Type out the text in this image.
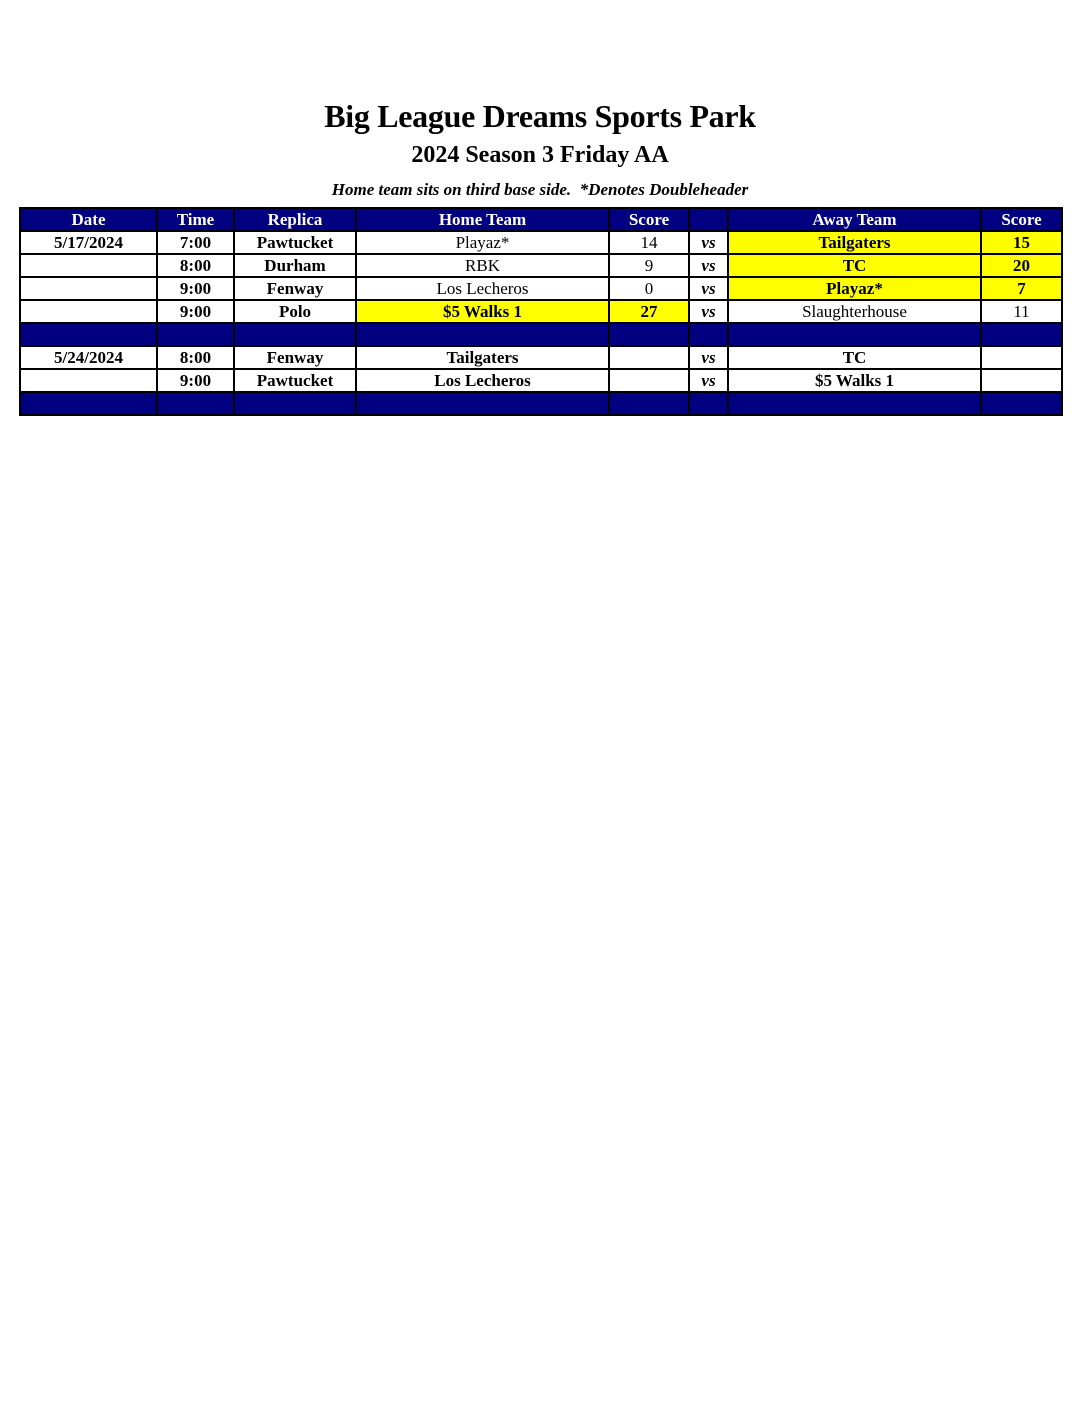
Big League Dreams Sports Park
2024 Season 3 Friday AA
Home team sits on third base side.  *Denotes Doubleheader
Date	Time	Replica	Home Team	Score		Away Team	Score
5/17/2024	7:00	Pawtucket	Playaz*	14	vs	Tailgaters	15
	8:00	Durham	RBK	9	vs	TC	20
	9:00	Fenway	Los Lecheros	0	vs	Playaz*	7
	9:00	Polo	$5 Walks 1	27	vs	Slaughterhouse	11

5/24/2024	8:00	Fenway	Tailgaters		vs	TC	
	9:00	Pawtucket	Los Lecheros		vs	$5 Walks 1	
